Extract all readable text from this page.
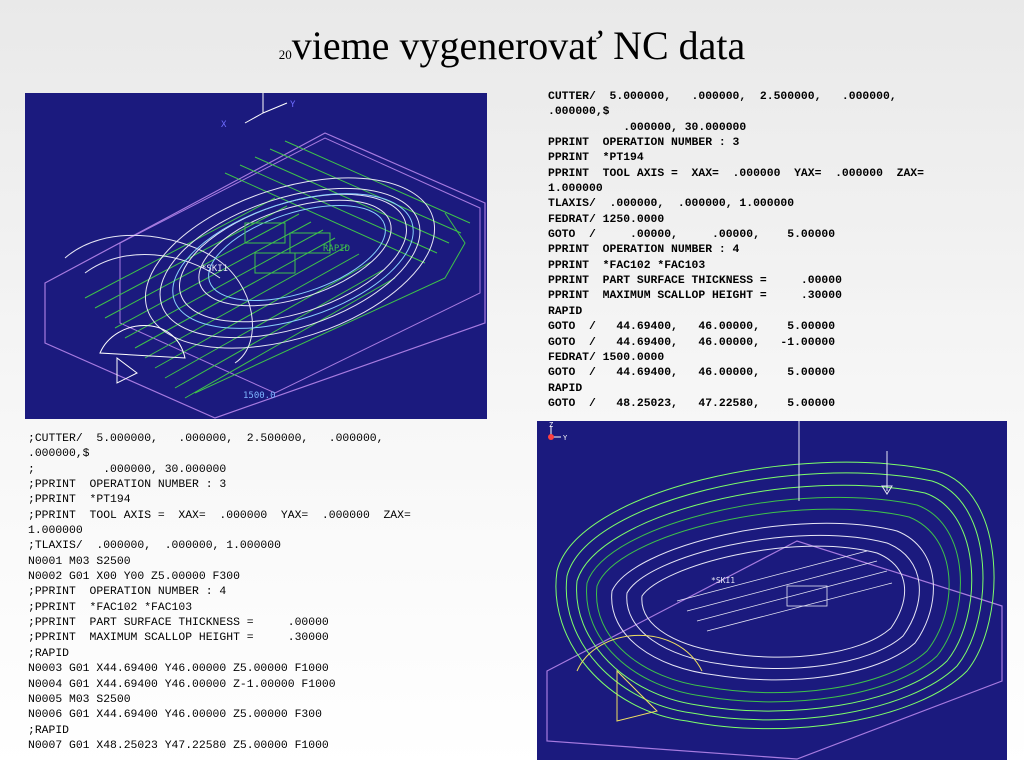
20vieme vygenerovať NC data
X
Y
RAPID
*SKI1
1500.0
CUTTER/  5.000000,   .000000,  2.500000,   .000000,
.000000,$
.000000, 30.000000
PPRINT  OPERATION NUMBER : 3
PPRINT  *PT194
PPRINT  TOOL AXIS =  XAX=  .000000  YAX=  .000000  ZAX=
1.000000
TLAXIS/  .000000,  .000000, 1.000000
FEDRAT/ 1250.0000
GOTO  /     .00000,     .00000,    5.00000
PPRINT  OPERATION NUMBER : 4
PPRINT  *FAC102 *FAC103
PPRINT  PART SURFACE THICKNESS =     .00000
PPRINT  MAXIMUM SCALLOP HEIGHT =     .30000
RAPID
GOTO  /   44.69400,   46.00000,    5.00000
GOTO  /   44.69400,   46.00000,   -1.00000
FEDRAT/ 1500.0000
GOTO  /   44.69400,   46.00000,    5.00000
RAPID
GOTO  /   48.25023,   47.22580,    5.00000
;CUTTER/  5.000000,   .000000,  2.500000,   .000000,
.000000,$
;          .000000, 30.000000
;PPRINT  OPERATION NUMBER : 3
;PPRINT  *PT194
;PPRINT  TOOL AXIS =  XAX=  .000000  YAX=  .000000  ZAX=
1.000000
;TLAXIS/  .000000,  .000000, 1.000000
N0001 M03 S2500
N0002 G01 X00 Y00 Z5.00000 F300
;PPRINT  OPERATION NUMBER : 4
;PPRINT  *FAC102 *FAC103
;PPRINT  PART SURFACE THICKNESS =     .00000
;PPRINT  MAXIMUM SCALLOP HEIGHT =     .30000
;RAPID
N0003 G01 X44.69400 Y46.00000 Z5.00000 F1000
N0004 G01 X44.69400 Y46.00000 Z-1.00000 F1000
N0005 M03 S2500
N0006 G01 X44.69400 Y46.00000 Z5.00000 F300
;RAPID
N0007 G01 X48.25023 Y47.22580 Z5.00000 F1000
Z
Y
*SKI1
